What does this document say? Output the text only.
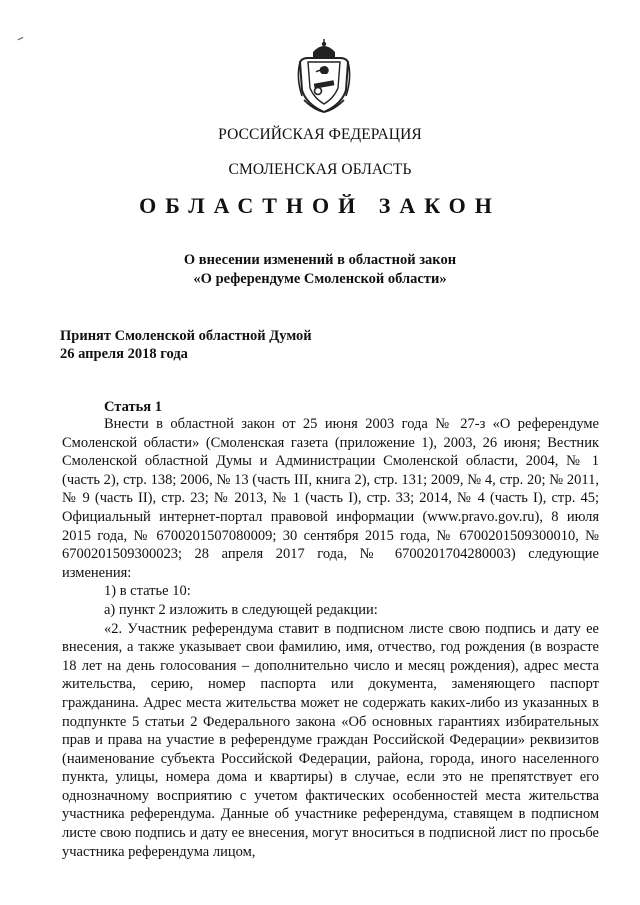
РОССИЙСКАЯ ФЕДЕРАЦИЯ
СМОЛЕНСКАЯ ОБЛАСТЬ
ОБЛАСТНОЙ ЗАКОН
О внесении изменений в областной закон
«О референдуме Смоленской области»
Принят Смоленской областной Думой
26 апреля 2018 года
Статья 1

Внести в областной закон от 25 июня 2003 года № 27-з «О референдуме Смоленской области» (Смоленская газета (приложение 1), 2003, 26 июня; Вестник Смоленской областной Думы и Администрации Смоленской области, 2004, № 1 (часть 2), стр. 138; 2006, № 13 (часть III, книга 2), стр. 131; 2009, № 4, стр. 20; № 2011, № 9 (часть II), стр. 23; № 2013, № 1 (часть I), стр. 33; 2014, № 4 (часть I), стр. 45; Официальный интернет-портал правовой информации (www.pravo.gov.ru), 8 июля 2015 года, № 6700201507080009; 30 сентября 2015 года, № 6700201509300010, № 6700201509300023; 28 апреля 2017 года, № 6700201704280003) следующие изменения:

1) в статье 10:

а) пункт 2 изложить в следующей редакции:

«2. Участник референдума ставит в подписном листе свою подпись и дату ее внесения, а также указывает свои фамилию, имя, отчество, год рождения (в возрасте 18 лет на день голосования – дополнительно число и месяц рождения), адрес места жительства, серию, номер паспорта или документа, заменяющего паспорт гражданина. Адрес места жительства может не содержать каких-либо из указанных в подпункте 5 статьи 2 Федерального закона «Об основных гарантиях избирательных прав и права на участие в референдуме граждан Российской Федерации» реквизитов (наименование субъекта Российской Федерации, района, города, иного населенного пункта, улицы, номера дома и квартиры) в случае, если это не препятствует его однозначному восприятию с учетом фактических особенностей места жительства участника референдума. Данные об участнике референдума, ставящем в подписном листе свою подпись и дату ее внесения, могут вноситься в подписной лист по просьбе участника референдума лицом,
